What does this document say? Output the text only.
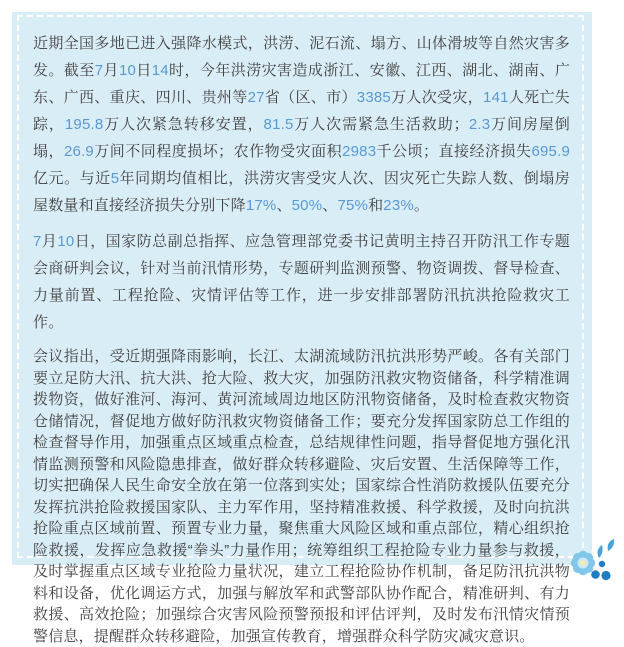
近期全国多地已进入强降水模式，洪涝、泥石流、塌方、山体滑坡等自然灾害多发。截至7月10日14时，今年洪涝灾害造成浙江、安徽、江西、湖北、湖南、广东、广西、重庆、四川、贵州等27省（区、市）3385万人次受灾，141人死亡失踪，195.8万人次紧急转移安置，81.5万人次需紧急生活救助；2.3万间房屋倒塌，26.9万间不同程度损坏；农作物受灾面积2983千公顷；直接经济损失695.9亿元。与近5年同期均值相比，洪涝灾害受灾人次、因灾死亡失踪人数、倒塌房屋数量和直接经济损失分别下降17%、50%、75%和23%。

7月10日，国家防总副总指挥、应急管理部党委书记黄明主持召开防汛工作专题会商研判会议，针对当前汛情形势，专题研判监测预警、物资调拨、督导检查、力量前置、工程抢险、灾情评估等工作，进一步安排部署防汛抗洪抢险救灾工作。

会议指出，受近期强降雨影响，长江、太湖流域防汛抗洪形势严峻。各有关部门要立足防大汛、抗大洪、抢大险、救大灾，加强防汛救灾物资储备，科学精准调拨物资，做好淮河、海河、黄河流域周边地区防汛物资储备，及时检查救灾物资仓储情况，督促地方做好防汛救灾物资储备工作；要充分发挥国家防总工作组的检查督导作用，加强重点区域重点检查，总结规律性问题，指导督促地方强化汛情监测预警和风险隐患排查，做好群众转移避险、灾后安置、生活保障等工作，切实把确保人民生命安全放在第一位落到实处；国家综合性消防救援队伍要充分发挥抗洪抢险救援国家队、主力军作用，坚持精准救援、科学救援，及时向抗洪抢险重点区域前置、预置专业力量，聚焦重大风险区域和重点部位，精心组织抢险救援，发挥应急救援“拳头”力量作用；统筹组织工程抢险专业力量参与救援，及时掌握重点区域专业抢险力量状况，建立工程抢险协作机制，备足防汛抗洪物料和设备，优化调运方式，加强与解放军和武警部队协作配合，精准研判、有力救援、高效抢险；加强综合灾害风险预警预报和评估评判，及时发布汛情灾情预警信息，提醒群众转移避险，加强宣传教育，增强群众科学防灾减灾意识。
